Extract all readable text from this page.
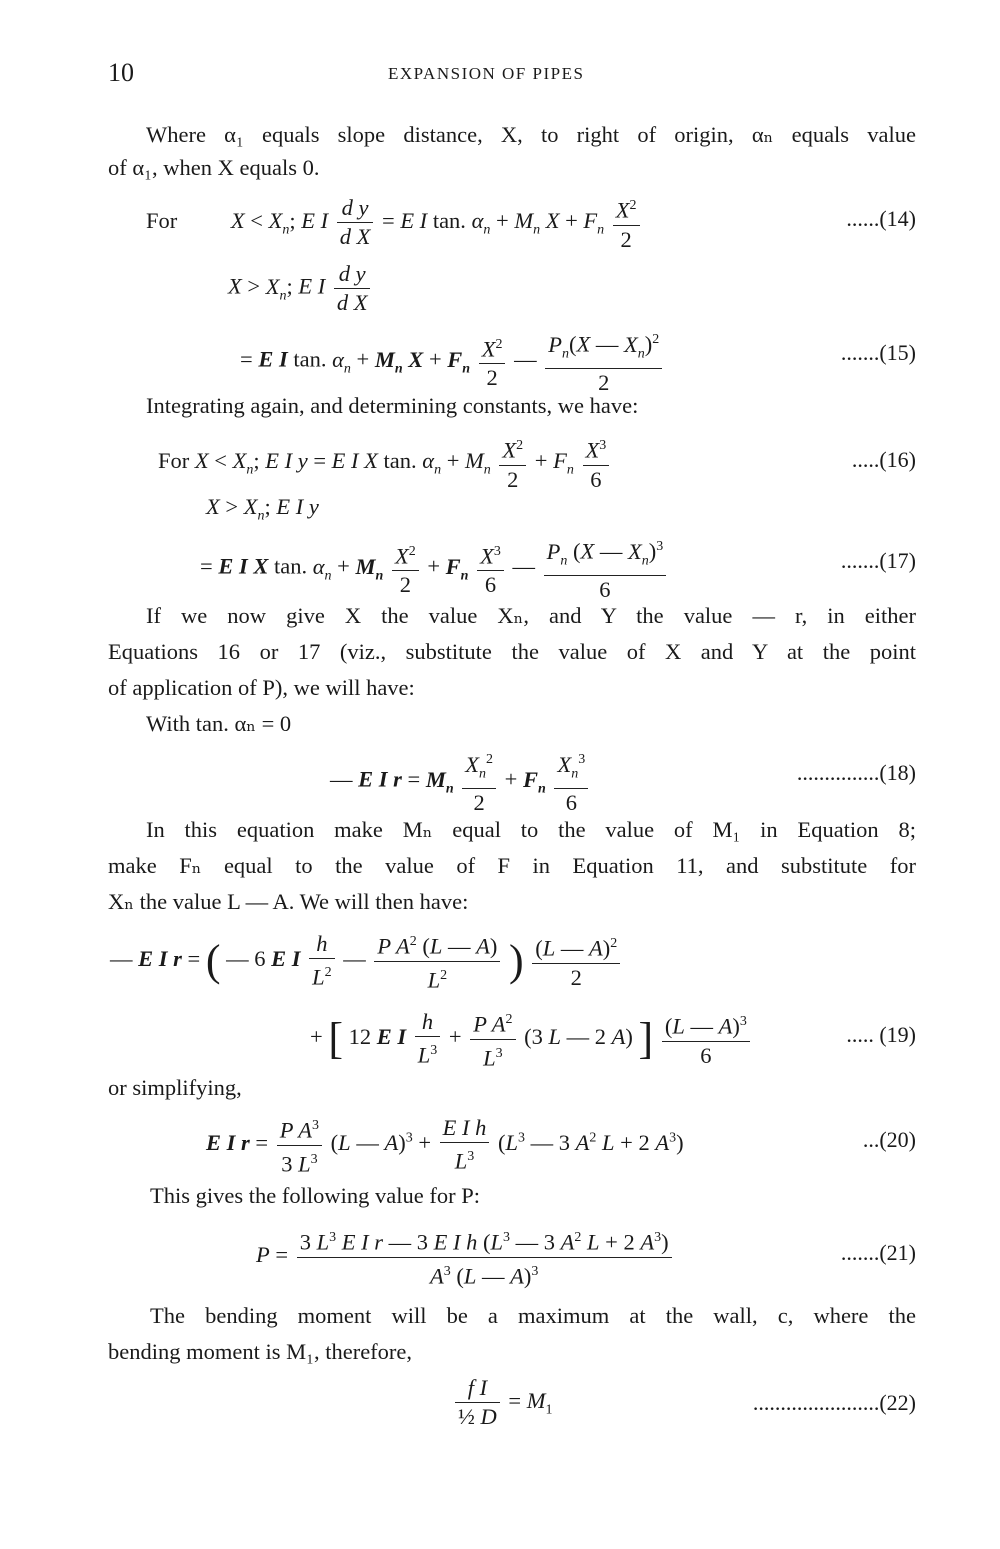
10	EXPANSION OF PIPES
Where α₁ equals slope distance, X, to right of origin, αₙ equals value
of α₁, when X equals 0.
For $X < X_n$; E I $\frac{\text{d y}}{\text{d X}} = E$ I tan. $\alpha_n + M_n$ $X + F_n \frac{X^2}{2}$	......(14)
$X > X_n$; E I $\frac{\text{d y}}{\text{d X}}$
= E I tan. $\alpha_n + M_n$ $X + F_n \frac{X^2}{2}$ — $\frac{P_n(X — X_n)^2}{2}$	.......(15)
Integrating again, and determining constants, we have:
For $X < X_n$; E I y = E I X tan. $\alpha_n + M_n \frac{X^2}{2} + F_n \frac{X^3}{6}$	.....(16)
$X > X_n$; E I y
= E I X tan. $\alpha_n + M_n \frac{X^2}{2} + F_n \frac{X^3}{6}$ — $\frac{P_n (X — X_n)^3}{6}$	.......(17)
If we now give X the value Xₙ, and Y the value — r, in either
Equations 16 or 17 (viz., substitute the value of X and Y at the point
of application of P), we will have:
With tan. αₙ = 0
— E I $r = M_n \frac{X_n^2}{2} + F_n \frac{X_n^3}{6}$	...............(18)
In this equation make Mₙ equal to the value of M₁ in Equation 8;
make Fₙ equal to the value of F in Equation 11, and substitute for
Xₙ the value L — A. We will then have:
— E I r = ( — 6 E I $\frac{h}{L^2}$ — $\frac{P A^2 (L — A)}{L^2}$ ) $\frac{(L — A)^2}{2}$
+ [ 12 E I $\frac{h}{L^3} + \frac{P A^2}{L^3} (3$ L — 2 A) ] $\frac{(L — A)^3}{6}$	..... (19)
or simplifying,
E I $r = \frac{P A^3}{3 L^3} (L$ — $A)^3 + \frac{\text{E I h}}{L^3} (L^3$ — 3 $A^2$ L + 2 $A^3$)	...(20)
This gives the following value for P:
$P = \frac{3 L^3 E I r — 3 E I h (L^3 — 3 A^2 L + 2 A^3)}{A^3 (L — A)^3}$	.......(21)
The bending moment will be a maximum at the wall, c, where the
bending moment is M₁, therefore,
$\frac{\text{f I}}{\text{½ D}} = M_1$	.......................(22)
